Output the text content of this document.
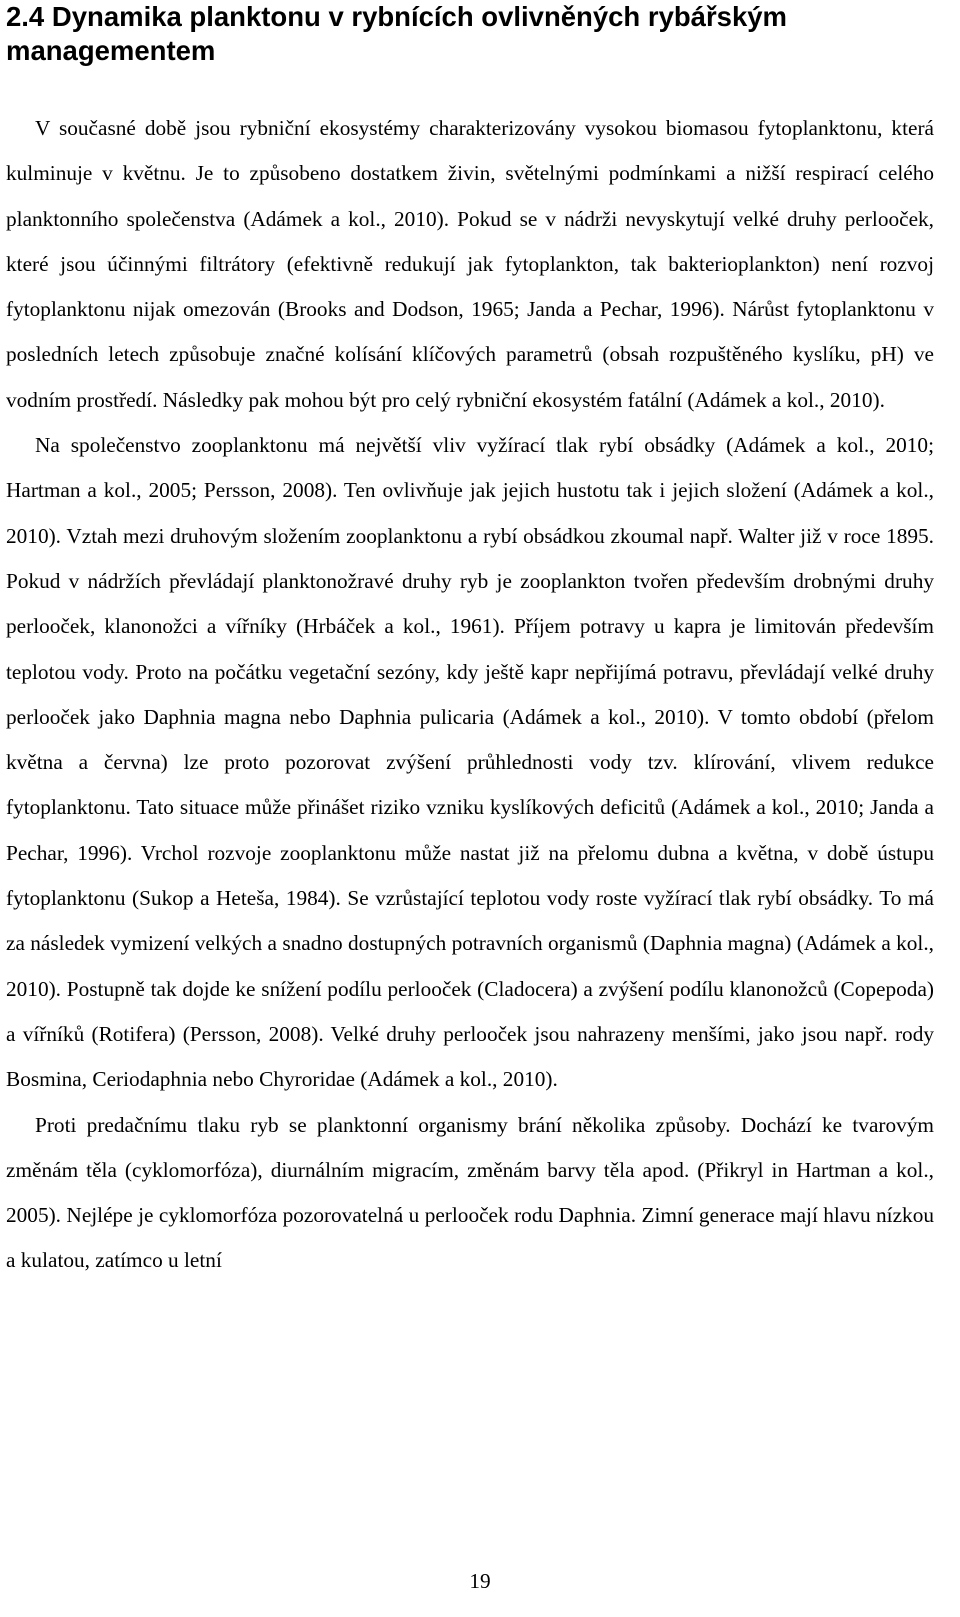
2.4 Dynamika planktonu v rybnících ovlivněných rybářským managementem

V současné době jsou rybniční ekosystémy charakterizovány vysokou biomasou fytoplanktonu, která kulminuje v květnu. Je to způsobeno dostatkem živin, světelnými podmínkami a nižší respirací celého planktonního společenstva (Adámek a kol., 2010). Pokud se v nádrži nevyskytují velké druhy perlooček, které jsou účinnými filtrátory (efektivně redukují jak fytoplankton, tak bakterioplankton) není rozvoj fytoplanktonu nijak omezován (Brooks and Dodson, 1965; Janda a Pechar, 1996). Nárůst fytoplanktonu v posledních letech způsobuje značné kolísání klíčových parametrů (obsah rozpuštěného kyslíku, pH) ve vodním prostředí. Následky pak mohou být pro celý rybniční ekosystém fatální (Adámek a kol., 2010).

Na společenstvo zooplanktonu má největší vliv vyžírací tlak rybí obsádky (Adámek a kol., 2010; Hartman a kol., 2005; Persson, 2008). Ten ovlivňuje jak jejich hustotu tak i jejich složení (Adámek a kol., 2010). Vztah mezi druhovým složením zooplanktonu a rybí obsádkou zkoumal např. Walter již v roce 1895. Pokud v nádržích převládají planktonožravé druhy ryb je zooplankton tvořen především drobnými druhy perlooček, klanonožci a vířníky (Hrbáček a kol., 1961). Příjem potravy u kapra je limitován především teplotou vody. Proto na počátku vegetační sezóny, kdy ještě kapr nepřijímá potravu, převládají velké druhy perlooček jako Daphnia magna nebo Daphnia pulicaria (Adámek a kol., 2010). V tomto období (přelom května a června) lze proto pozorovat zvýšení průhlednosti vody tzv. klírování, vlivem redukce fytoplanktonu. Tato situace může přinášet riziko vzniku kyslíkových deficitů (Adámek a kol., 2010; Janda a Pechar, 1996). Vrchol rozvoje zooplanktonu může nastat již na přelomu dubna a května, v době ústupu fytoplanktonu (Sukop a Heteša, 1984). Se vzrůstající teplotou vody roste vyžírací tlak rybí obsádky. To má za následek vymizení velkých a snadno dostupných potravních organismů (Daphnia magna) (Adámek a kol., 2010). Postupně tak dojde ke snížení podílu perlooček (Cladocera) a zvýšení podílu klanonožců (Copepoda) a vířníků (Rotifera) (Persson, 2008). Velké druhy perlooček jsou nahrazeny menšími, jako jsou např. rody Bosmina, Ceriodaphnia nebo Chyroridae (Adámek a kol., 2010).

Proti predačnímu tlaku ryb se planktonní organismy brání několika způsoby. Dochází ke tvarovým změnám těla (cyklomorfóza), diurnálním migracím, změnám barvy těla apod. (Přikryl in Hartman a kol., 2005). Nejlépe je cyklomorfóza pozorovatelná u perlooček rodu Daphnia. Zimní generace mají hlavu nízkou a kulatou, zatímco u letní

19
